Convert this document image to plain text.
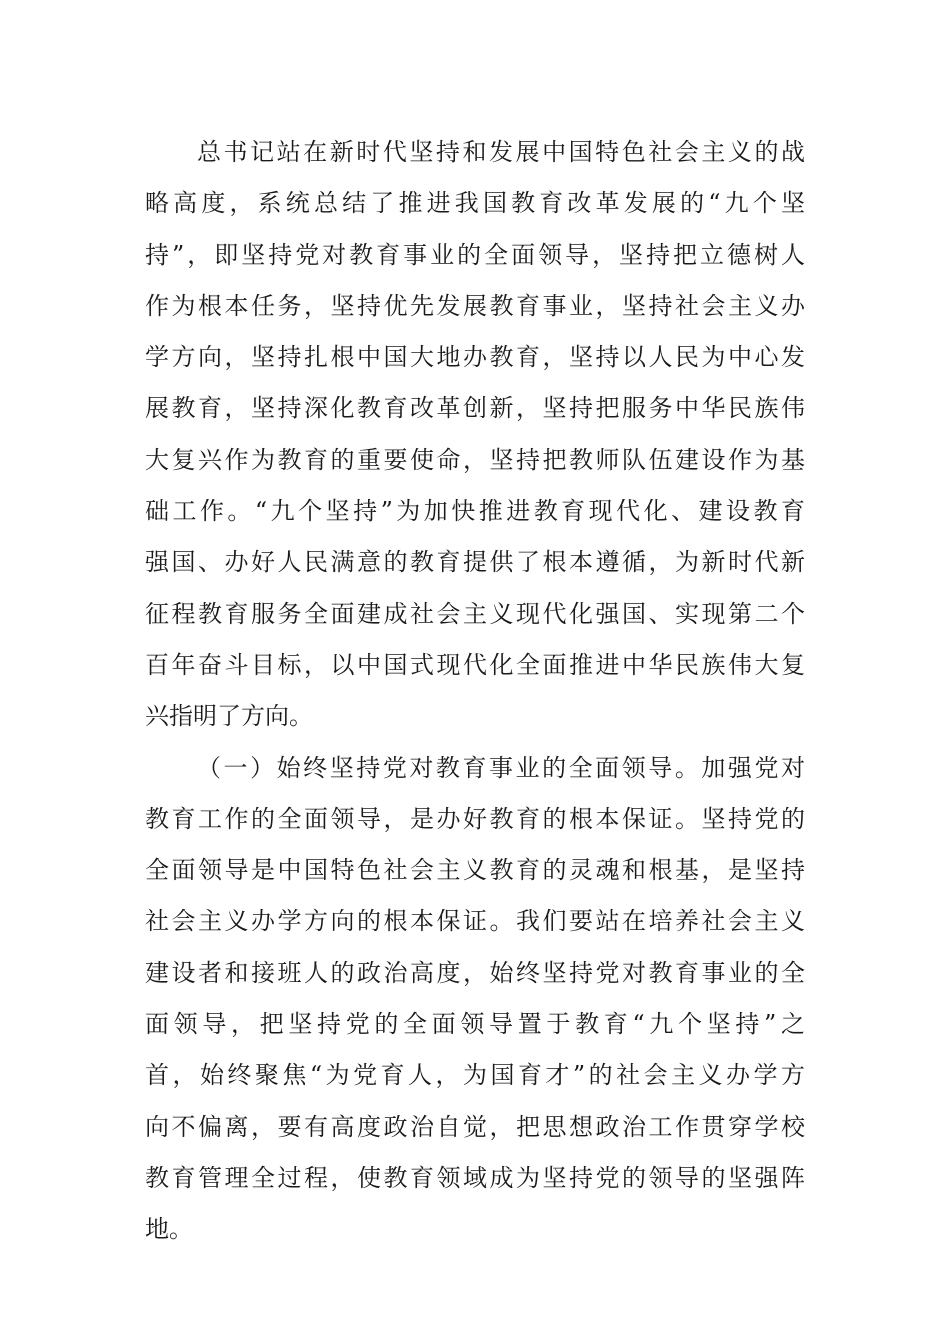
总书记站在新时代坚持和发展中国特色社会主义的战
略高度，系统总结了推进我国教育改革发展的“九个坚
持”，即坚持党对教育事业的全面领导，坚持把立德树人
作为根本任务，坚持优先发展教育事业，坚持社会主义办
学方向，坚持扎根中国大地办教育，坚持以人民为中心发
展教育，坚持深化教育改革创新，坚持把服务中华民族伟
大复兴作为教育的重要使命，坚持把教师队伍建设作为基
础工作。“九个坚持”为加快推进教育现代化、建设教育
强国、办好人民满意的教育提供了根本遵循，为新时代新
征程教育服务全面建成社会主义现代化强国、实现第二个
百年奋斗目标，以中国式现代化全面推进中华民族伟大复
兴指明了方向。
（一）始终坚持党对教育事业的全面领导。加强党对
教育工作的全面领导，是办好教育的根本保证。坚持党的
全面领导是中国特色社会主义教育的灵魂和根基，是坚持
社会主义办学方向的根本保证。我们要站在培养社会主义
建设者和接班人的政治高度，始终坚持党对教育事业的全
面领导，把坚持党的全面领导置于教育“九个坚持”之
首，始终聚焦“为党育人，为国育才”的社会主义办学方
向不偏离，要有高度政治自觉，把思想政治工作贯穿学校
教育管理全过程，使教育领域成为坚持党的领导的坚强阵
地。
